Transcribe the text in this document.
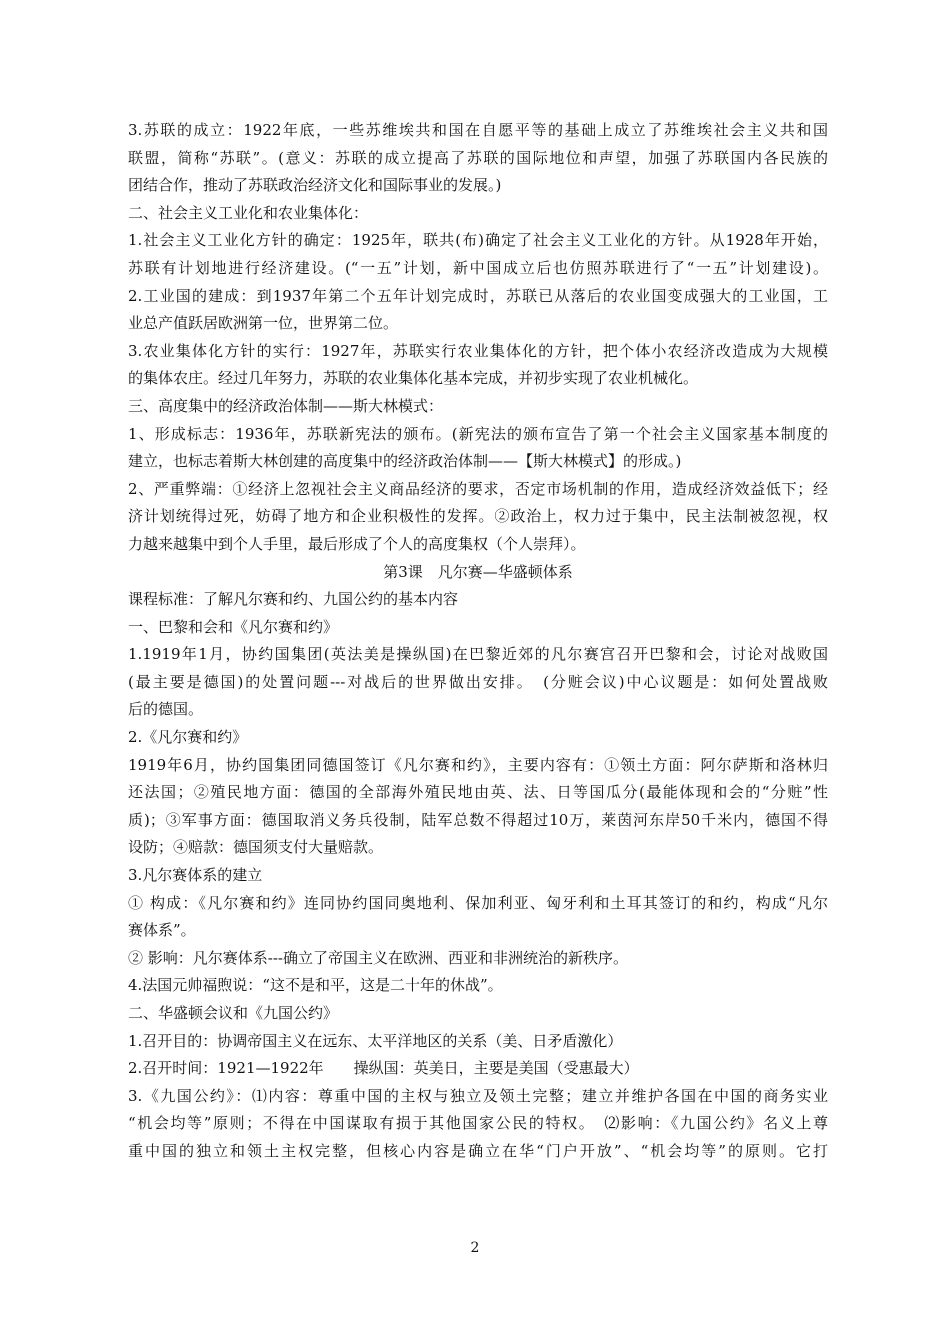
3.苏联的成立：1922年底，一些苏维埃共和国在自愿平等的基础上成立了苏维埃社会主义共和国
联盟，简称“苏联”。(意义：苏联的成立提高了苏联的国际地位和声望，加强了苏联国内各民族的
团结合作，推动了苏联政治经济文化和国际事业的发展。)
二、社会主义工业化和农业集体化：
1.社会主义工业化方针的确定：1925年，联共(布)确定了社会主义工业化的方针。从1928年开始，
苏联有计划地进行经济建设。(“一五”计划，新中国成立后也仿照苏联进行了“一五”计划建设)。
2.工业国的建成：到1937年第二个五年计划完成时，苏联已从落后的农业国变成强大的工业国，工
业总产值跃居欧洲第一位，世界第二位。
3.农业集体化方针的实行：1927年，苏联实行农业集体化的方针，把个体小农经济改造成为大规模
的集体农庄。经过几年努力，苏联的农业集体化基本完成，并初步实现了农业机械化。
三、高度集中的经济政治体制——斯大林模式：
1、形成标志：1936年，苏联新宪法的颁布。(新宪法的颁布宣告了第一个社会主义国家基本制度的
建立，也标志着斯大林创建的高度集中的经济政治体制——【斯大林模式】的形成。)
2、严重弊端：①经济上忽视社会主义商品经济的要求，否定市场机制的作用，造成经济效益低下；经
济计划统得过死，妨碍了地方和企业积极性的发挥。②政治上，权力过于集中，民主法制被忽视，权
力越来越集中到个人手里，最后形成了个人的高度集权（个人崇拜）。
第3课　凡尔赛—华盛顿体系
课程标准：了解凡尔赛和约、九国公约的基本内容
一、巴黎和会和《凡尔赛和约》
1.1919年1月，协约国集团(英法美是操纵国)在巴黎近郊的凡尔赛宫召开巴黎和会，讨论对战败国
(最主要是德国)的处置问题---对战后的世界做出安排。　(分赃会议)中心议题是：如何处置战败
后的德国。
2.《凡尔赛和约》
1919年6月，协约国集团同德国签订《凡尔赛和约》，主要内容有：①领土方面：阿尔萨斯和洛林归
还法国；②殖民地方面：德国的全部海外殖民地由英、法、日等国瓜分(最能体现和会的“分赃”性
质)；③军事方面：德国取消义务兵役制，陆军总数不得超过10万，莱茵河东岸50千米内，德国不得
设防；④赔款：德国须支付大量赔款。
3.凡尔赛体系的建立
① 构成：《凡尔赛和约》连同协约国同奥地利、保加利亚、匈牙利和土耳其签订的和约，构成“凡尔
赛体系”。
② 影响：凡尔赛体系---确立了帝国主义在欧洲、西亚和非洲统治的新秩序。
4.法国元帅福煦说：“这不是和平，这是二十年的休战”。
二、华盛顿会议和《九国公约》
1.召开目的：协调帝国主义在远东、太平洋地区的关系（美、日矛盾激化）
2.召开时间：1921—1922年　　操纵国：英美日，主要是美国（受惠最大）
3.《九国公约》：⑴内容：尊重中国的主权与独立及领土完整；建立并维护各国在中国的商务实业
“机会均等”原则；不得在中国谋取有损于其他国家公民的特权。　⑵影响：《九国公约》名义上尊
重中国的独立和领土主权完整，但核心内容是确立在华“门户开放”、“机会均等”的原则。它打
2
